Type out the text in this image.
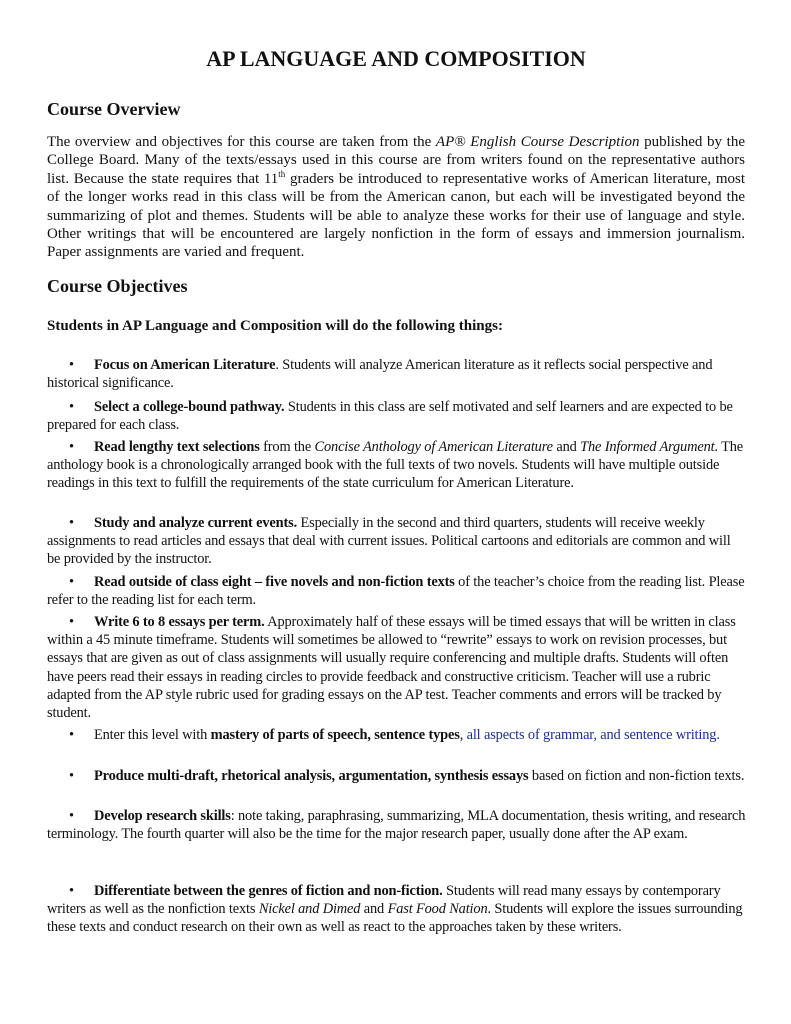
AP LANGUAGE AND COMPOSITION
Course Overview

The overview and objectives for this course are taken from the AP® English Course Description published by the College Board. Many of the texts/essays used in this course are from writers found on the representative authors list. Because the state requires that 11th graders be introduced to representative works of American literature, most of the longer works read in this class will be from the American canon, but each will be investigated beyond the summarizing of plot and themes. Students will be able to analyze these works for their use of language and style. Other writings that will be encountered are largely nonfiction in the form of essays and immersion journalism. Paper assignments are varied and frequent.

Course Objectives

Students in AP Language and Composition will do the following things:

• Focus on American Literature. Students will analyze American literature as it reflects social perspective and historical significance.

• Select a college-bound pathway. Students in this class are self motivated and self learners and are expected to be prepared for each class.

• Read lengthy text selections from the Concise Anthology of American Literature and The Informed Argument. The anthology book is a chronologically arranged book with the full texts of two novels. Students will have multiple outside readings in this text to fulfill the requirements of the state curriculum for American Literature.

• Study and analyze current events. Especially in the second and third quarters, students will receive weekly assignments to read articles and essays that deal with current issues. Political cartoons and editorials are common and will be provided by the instructor.

• Read outside of class eight – five novels and non-fiction texts of the teacher’s choice from the reading list. Please refer to the reading list for each term.

• Write 6 to 8 essays per term. Approximately half of these essays will be timed essays that will be written in class within a 45 minute timeframe. Students will sometimes be allowed to “rewrite” essays to work on revision processes, but essays that are given as out of class assignments will usually require conferencing and multiple drafts. Students will often have peers read their essays in reading circles to provide feedback and constructive criticism. Teacher will use a rubric adapted from the AP style rubric used for grading essays on the AP test. Teacher comments and errors will be tracked by student.

• Enter this level with mastery of parts of speech, sentence types, all aspects of grammar, and sentence writing.

• Produce multi-draft, rhetorical analysis, argumentation, synthesis essays based on fiction and non-fiction texts.

• Develop research skills: note taking, paraphrasing, summarizing, MLA documentation, thesis writing, and research terminology. The fourth quarter will also be the time for the major research paper, usually done after the AP exam.

• Differentiate between the genres of fiction and non-fiction. Students will read many essays by contemporary writers as well as the nonfiction texts Nickel and Dimed and Fast Food Nation. Students will explore the issues surrounding these texts and conduct research on their own as well as react to the approaches taken by these writers.
